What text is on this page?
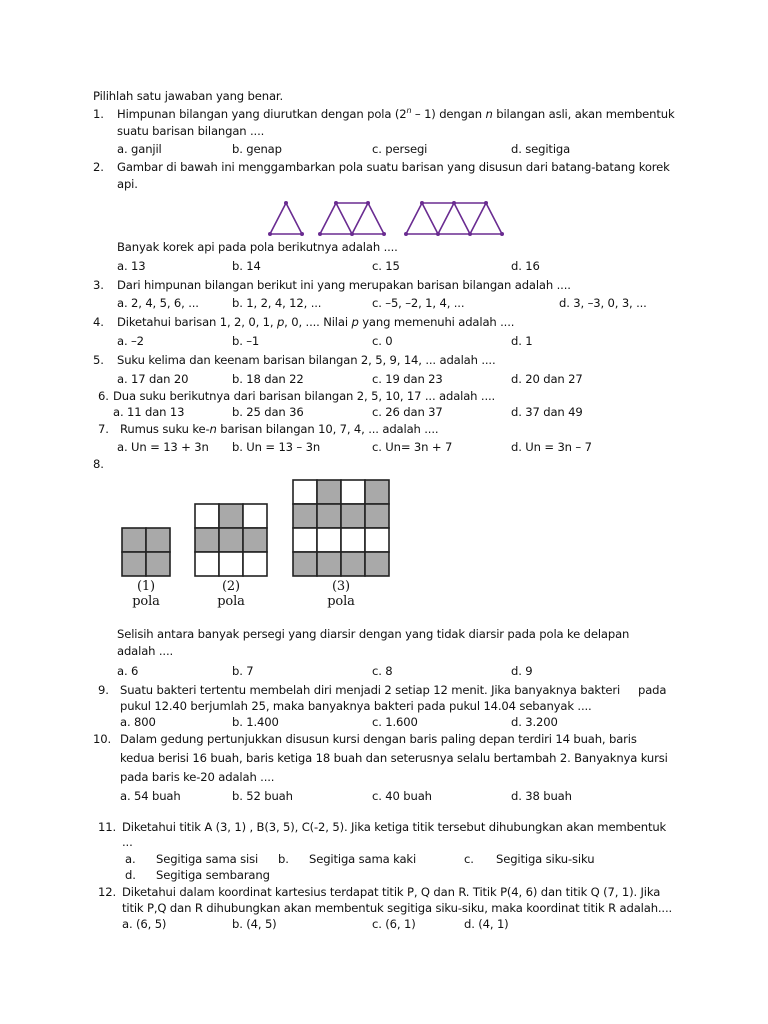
Pilihlah satu jawaban yang benar.
1. Himpunan bilangan yang diurutkan dengan pola (2$^n$ – 1) dengan n bilangan asli, akan membentuk
suatu barisan bilangan ....
a. ganjil	b. genap	c. persegi	d. segitiga
2. Gambar di bawah ini menggambarkan pola suatu barisan yang disusun dari batang-batang korek
api.
Banyak korek api pada pola berikutnya adalah ....
a. 13	b. 14	c. 15	d. 16
3. Dari himpunan bilangan berikut ini yang merupakan barisan bilangan adalah ....
a. 2, 4, 5, 6, ...	b. 1, 2, 4, 12, ...	c. –5, –2, 1, 4, ...	d. 3, –3, 0, 3, ...
4. Diketahui barisan 1, 2, 0, 1, p, 0, .... Nilai p yang memenuhi adalah ....
a. –2	b. –1	c. 0	d. 1
5. Suku kelima dan keenam barisan bilangan 2, 5, 9, 14, ... adalah ....
a. 17 dan 20	b. 18 dan 22	c. 19 dan 23	d. 20 dan 27
6. Dua suku berikutnya dari barisan bilangan 2, 5, 10, 17 ... adalah ....
a. 11 dan 13	b. 25 dan 36	c. 26 dan 37	d. 37 dan 49
7. Rumus suku ke-n barisan bilangan 10, 7, 4, ... adalah ....
a. Un = 13 + 3n b. Un = 13 – 3n	c. Un= 3n + 7	d. Un = 3n – 7
8.
(1)
pola
(2)
pola
(3)
pola
Selisih antara banyak persegi yang diarsir dengan yang tidak diarsir pada pola ke delapan
adalah ....
a. 6	b. 7	c. 8	d. 9
9. Suatu bakteri tertentu membelah diri menjadi 2 setiap 12 menit. Jika banyaknya bakteri pada
pukul 12.40 berjumlah 25, maka banyaknya bakteri pada pukul 14.04 sebanyak ....
a. 800	b. 1.400	c. 1.600	d. 3.200
10. Dalam gedung pertunjukkan disusun kursi dengan baris paling depan terdiri 14 buah, baris
kedua berisi 16 buah, baris ketiga 18 buah dan seterusnya selalu bertambah 2. Banyaknya kursi
pada baris ke-20 adalah ....
a. 54 buah	b. 52 buah	c. 40 buah	d. 38 buah
11. Diketahui titik A (3, 1) , B(3, 5), C(-2, 5). Jika ketiga titik tersebut dihubungkan akan membentuk
...
a. Segitiga sama sisi b. Segitiga sama kaki	c. Segitiga siku-siku
d. Segitiga sembarang
12. Diketahui dalam koordinat kartesius terdapat titik P, Q dan R. Titik P(4, 6) dan titik Q (7, 1). Jika
titik P,Q dan R dihubungkan akan membentuk segitiga siku-siku, maka koordinat titik R adalah....
a. (6, 5)	b. (4, 5)	c. (6, 1)	d. (4, 1)
